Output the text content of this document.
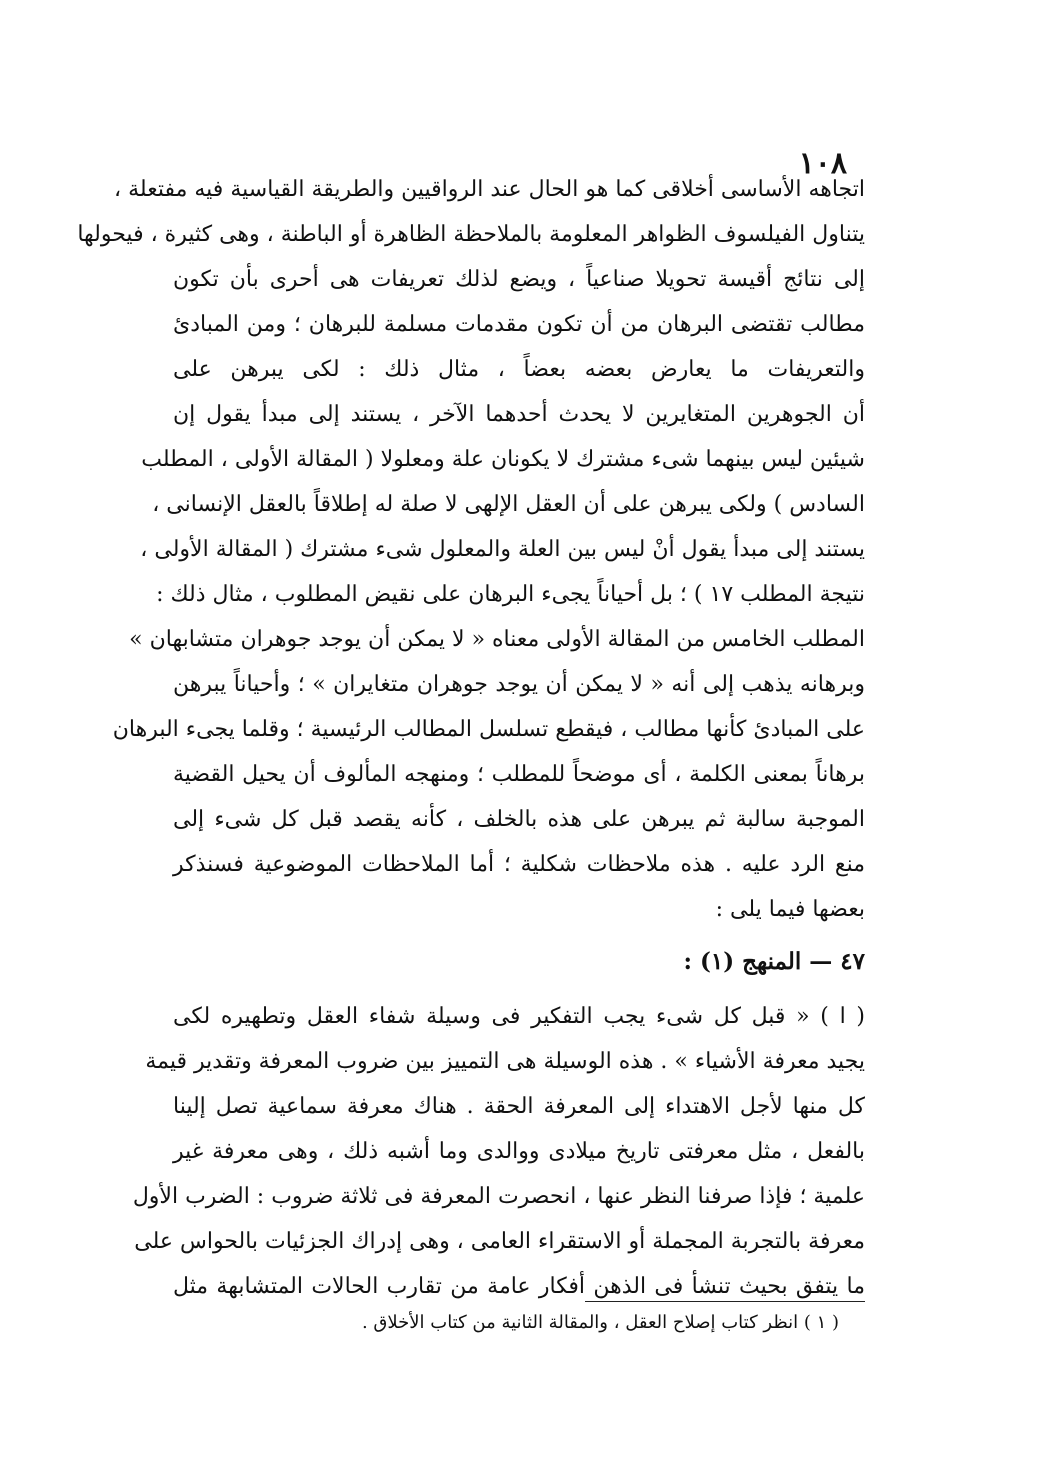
١٠٨
اتجاهه الأساسى أخلاقى كما هو الحال عند الرواقيين والطريقة القياسية فيه مفتعلة ،
يتناول الفيلسوف الظواهر المعلومة بالملاحظة الظاهرة أو الباطنة ، وهى كثيرة ، فيحولها
إلى نتائج أقيسة تحويلا صناعياً ، ويضع لذلك تعريفات هى أحرى بأن تكون
مطالب تقتضى البرهان من أن تكون مقدمات مسلمة للبرهان ؛ ومن المبادئ
والتعريفات ما يعارض بعضه بعضاً ، مثال ذلك : لكى يبرهن على
أن الجوهرين المتغايرين لا يحدث أحدهما الآخر ، يستند إلى مبدأ يقول إن
شيئين ليس بينهما شىء مشترك لا يكونان علة ومعلولا ( المقالة الأولى ، المطلب
السادس ) ولكى يبرهن على أن العقل الإلهى لا صلة له إطلاقاً بالعقل الإنسانى ،
يستند إلى مبدأ يقول أنْ ليس بين العلة والمعلول شىء مشترك ( المقالة الأولى ،
نتيجة المطلب ١٧ ) ؛ بل أحياناً يجىء البرهان على نقيض المطلوب ، مثال ذلك :
المطلب الخامس من المقالة الأولى معناه « لا يمكن أن يوجد جوهران متشابهان »
وبرهانه يذهب إلى أنه « لا يمكن أن يوجد جوهران متغايران » ؛ وأحياناً يبرهن
على المبادئ كأنها مطالب ، فيقطع تسلسل المطالب الرئيسية ؛ وقلما يجىء البرهان
برهاناً بمعنى الكلمة ، أى موضحاً للمطلب ؛ ومنهجه المألوف أن يحيل القضية
الموجبة سالبة ثم يبرهن على هذه بالخلف ، كأنه يقصد قبل كل شىء إلى
منع الرد عليه . هذه ملاحظات شكلية ؛ أما الملاحظات الموضوعية فسنذكر
بعضها فيما يلى :
٤٧ — المنهج (١) :
( ا ) « قبل كل شىء يجب التفكير فى وسيلة شفاء العقل وتطهيره لكى
يجيد معرفة الأشياء » . هذه الوسيلة هى التمييز بين ضروب المعرفة وتقدير قيمة
كل منها لأجل الاهتداء إلى المعرفة الحقة . هناك معرفة سماعية تصل إلينا
بالفعل ، مثل معرفتى تاريخ ميلادى ووالدى وما أشبه ذلك ، وهى معرفة غير
علمية ؛ فإذا صرفنا النظر عنها ، انحصرت المعرفة فى ثلاثة ضروب : الضرب الأول
معرفة بالتجربة المجملة أو الاستقراء العامى ، وهى إدراك الجزئيات بالحواس على
ما يتفق بحيث تنشأ فى الذهن أفكار عامة من تقارب الحالات المتشابهة مثل
( ١ ) انظر كتاب إصلاح العقل ، والمقالة الثانية من كتاب الأخلاق .
